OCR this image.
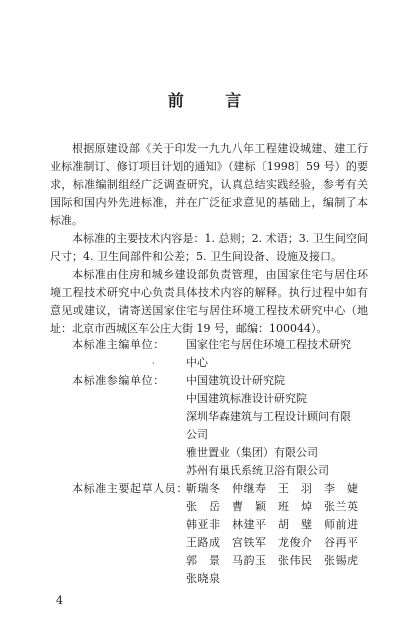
前 言

根据原建设部《关于印发一九九八年工程建设城建、建工行业标准制订、修订项目计划的通知》（建标〔1998〕59 号）的要求，标准编制组经广泛调查研究，认真总结实践经验，参考有关国际和国内外先进标准，并在广泛征求意见的基础上，编制了本标准。

本标准的主要技术内容是：1. 总则；2. 术语；3. 卫生间空间尺寸；4. 卫生间部件和公差；5. 卫生间设备、设施及接口。

本标准由住房和城乡建设部负责管理，由国家住宅与居住环境工程技术研究中心负责具体技术内容的解释。执行过程中如有意见或建议，请寄送国家住宅与居住环境工程技术研究中心（地址：北京市西城区车公庄大街 19 号，邮编：100044）。

·
本标准主编单位：	国家住宅与居住环境工程技术研究
中心
本标准参编单位：	中国建筑设计研究院
中国建筑标准设计研究院
深圳华森建筑与工程设计顾问有限
公司
雅世置业（集团）有限公司
苏州有巢氏系统卫浴有限公司
本标准主要起草人员：
靳瑞冬	仲继寿	王　羽	李　婕
张　岳	曹　颖	班　焯	张兰英
韩亚非	林建平	胡　璧	师前进
王路成	宫铁军	龙俊介	谷再平
郭　景	马韵玉	张伟民	张锡虎
张晓泉
4
